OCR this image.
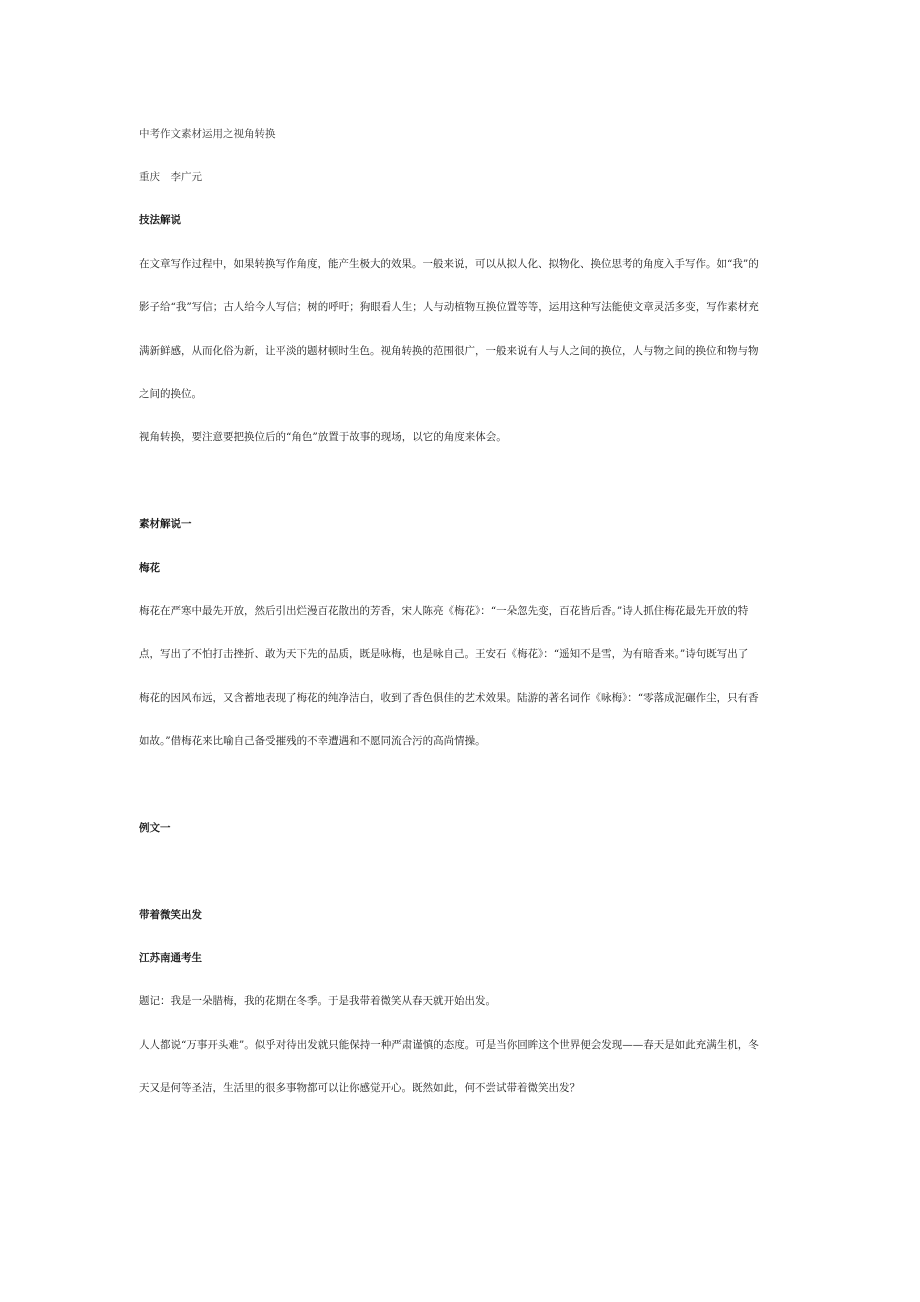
中考作文素材运用之视角转换
重庆　李广元
技法解说
在文章写作过程中，如果转换写作角度，能产生极大的效果。一般来说，可以从拟人化、拟物化、换位思考的角度入手写作。如“我”的
影子给“我”写信；古人给今人写信；树的呼吁；狗眼看人生；人与动植物互换位置等等，运用这种写法能使文章灵活多变，写作素材充
满新鲜感，从而化俗为新，让平淡的题材顿时生色。视角转换的范围很广，一般来说有人与人之间的换位，人与物之间的换位和物与物
之间的换位。
视角转换，要注意要把换位后的“角色”放置于故事的现场，以它的角度来体会。
素材解说一
梅花
梅花在严寒中最先开放，然后引出烂漫百花散出的芳香，宋人陈亮《梅花》：“一朵忽先变，百花皆后香。”诗人抓住梅花最先开放的特
点，写出了不怕打击挫折、敢为天下先的品质，既是咏梅，也是咏自己。王安石《梅花》：“遥知不是雪，为有暗香来。”诗句既写出了
梅花的因风布远，又含蓄地表现了梅花的纯净洁白，收到了香色俱佳的艺术效果。陆游的著名词作《咏梅》：“零落成泥碾作尘，只有香
如故。”借梅花来比喻自己备受摧残的不幸遭遇和不愿同流合污的高尚情操。
例文一
带着微笑出发
江苏南通考生
题记：我是一朵腊梅，我的花期在冬季。于是我带着微笑从春天就开始出发。
人人都说“万事开头难”。似乎对待出发就只能保持一种严肃谨慎的态度。可是当你回眸这个世界便会发现——春天是如此充满生机，冬
天又是何等圣洁，生活里的很多事物都可以让你感觉开心。既然如此，何不尝试带着微笑出发？
